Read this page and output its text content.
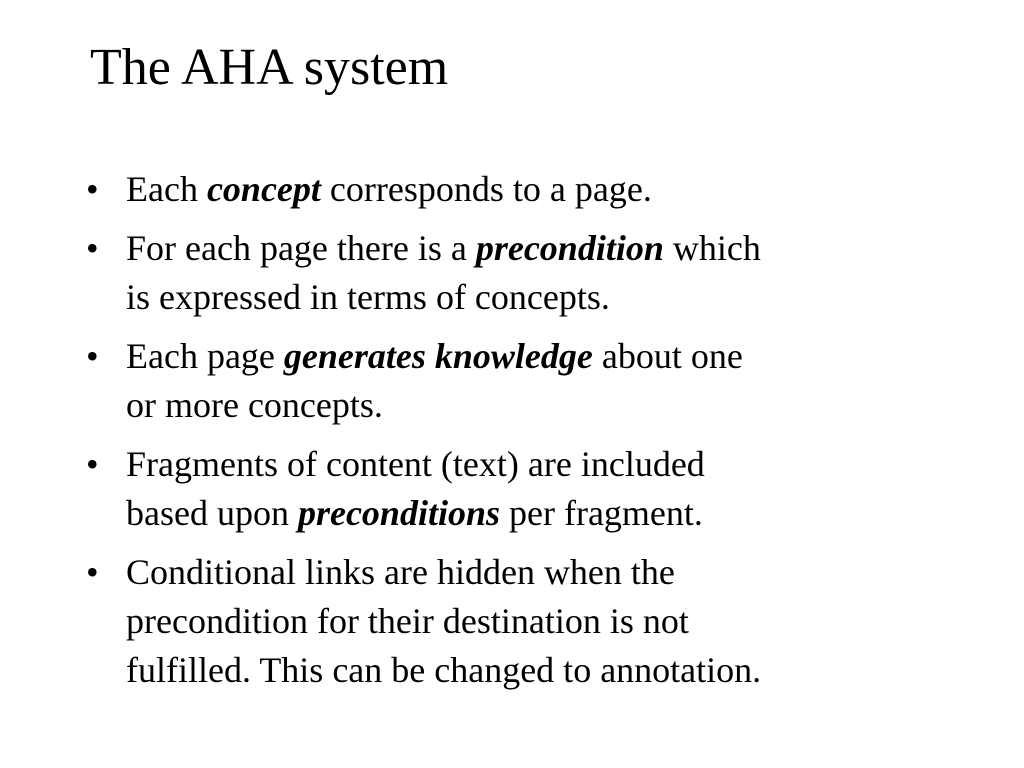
The AHA system
• Each concept corresponds to a page.
• For each page there is a precondition which
is expressed in terms of concepts.
• Each page generates knowledge about one
or more concepts.
• Fragments of content (text) are included
based upon preconditions per fragment.
• Conditional links are hidden when the
precondition for their destination is not
fulfilled. This can be changed to annotation.
